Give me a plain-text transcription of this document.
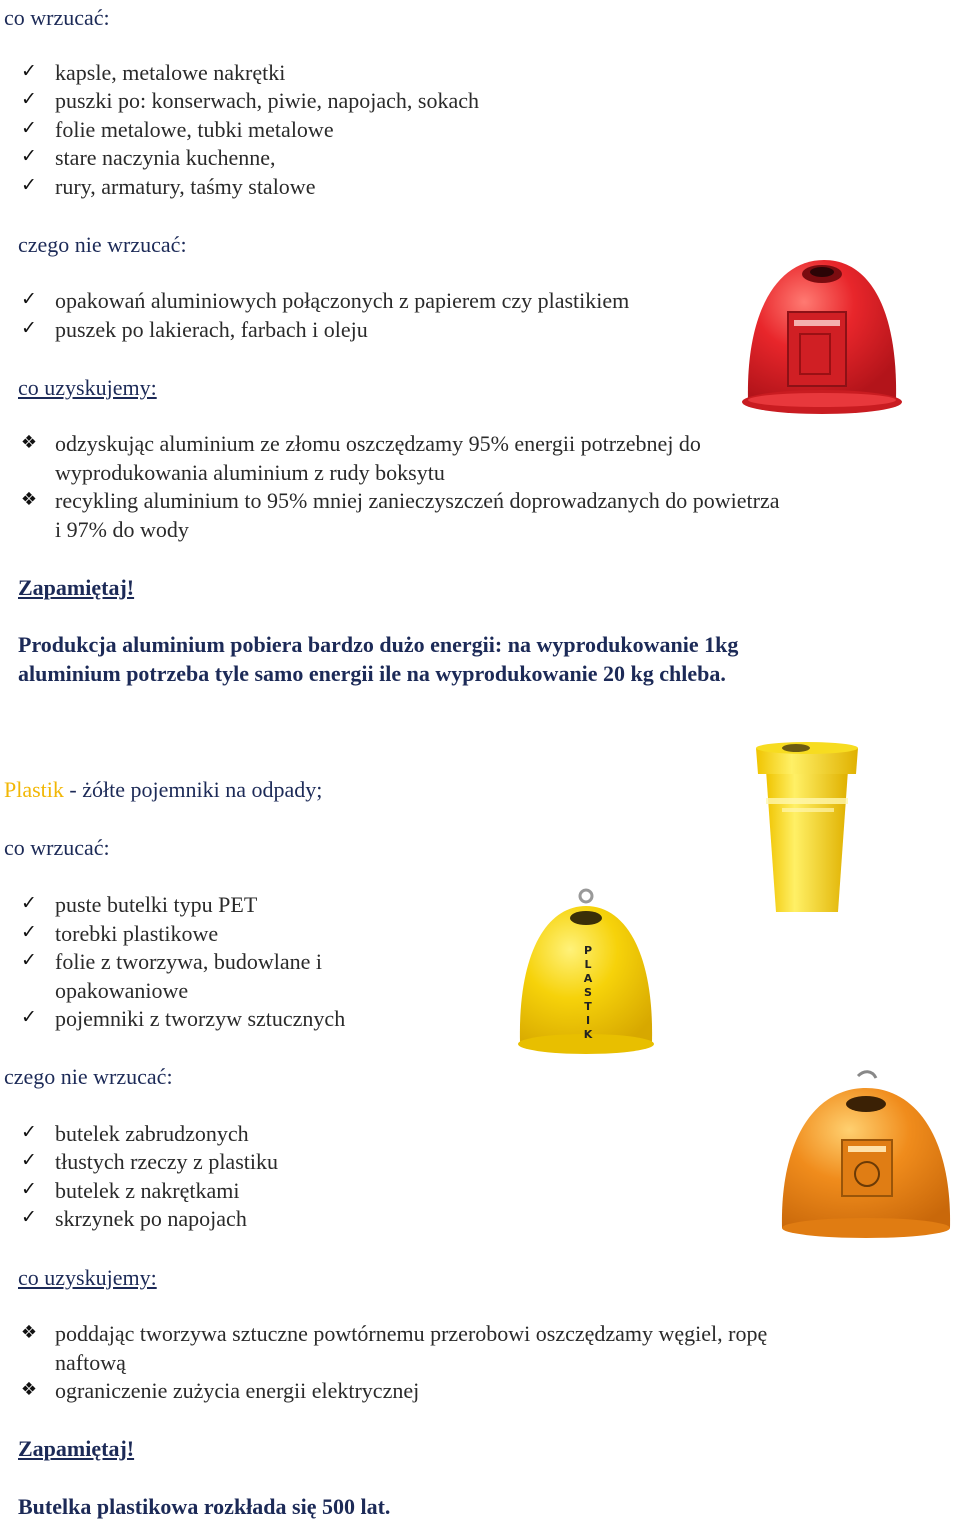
co wrzucać:
✓ kapsle, metalowe nakrętki
✓ puszki po: konserwach, piwie, napojach, sokach
✓ folie metalowe, tubki metalowe
✓ stare naczynia kuchenne,
✓ rury, armatury, taśmy stalowe
czego nie wrzucać:
✓ opakowań aluminiowych połączonych z papierem czy plastikiem
✓ puszek po lakierach, farbach i oleju
co uzyskujemy:
❖ odzyskując aluminium ze złomu oszczędzamy 95% energii potrzebnej do
wyprodukowania aluminium z rudy boksytu
❖ recykling aluminium to 95% mniej zanieczyszczeń doprowadzanych do powietrza
i 97% do wody
Zapamiętaj!
Produkcja aluminium pobiera bardzo dużo energii: na wyprodukowanie 1kg
aluminium potrzeba tyle samo energii ile na wyprodukowanie 20 kg chleba.
Plastik - żółte pojemniki na odpady;
co wrzucać:
✓ puste butelki typu PET
✓ torebki plastikowe
✓ folie z tworzywa, budowlane i
opakowaniowe
✓ pojemniki z tworzyw sztucznych
czego nie wrzucać:
✓ butelek zabrudzonych
✓ tłustych rzeczy z plastiku
✓ butelek z nakrętkami
✓ skrzynek po napojach
co uzyskujemy:
❖ poddając tworzywa sztuczne powtórnemu przerobowi oszczędzamy węgiel, ropę
naftową
❖ ograniczenie zużycia energii elektrycznej
Zapamiętaj!
Butelka plastikowa rozkłada się 500 lat.
P L A S T I K
